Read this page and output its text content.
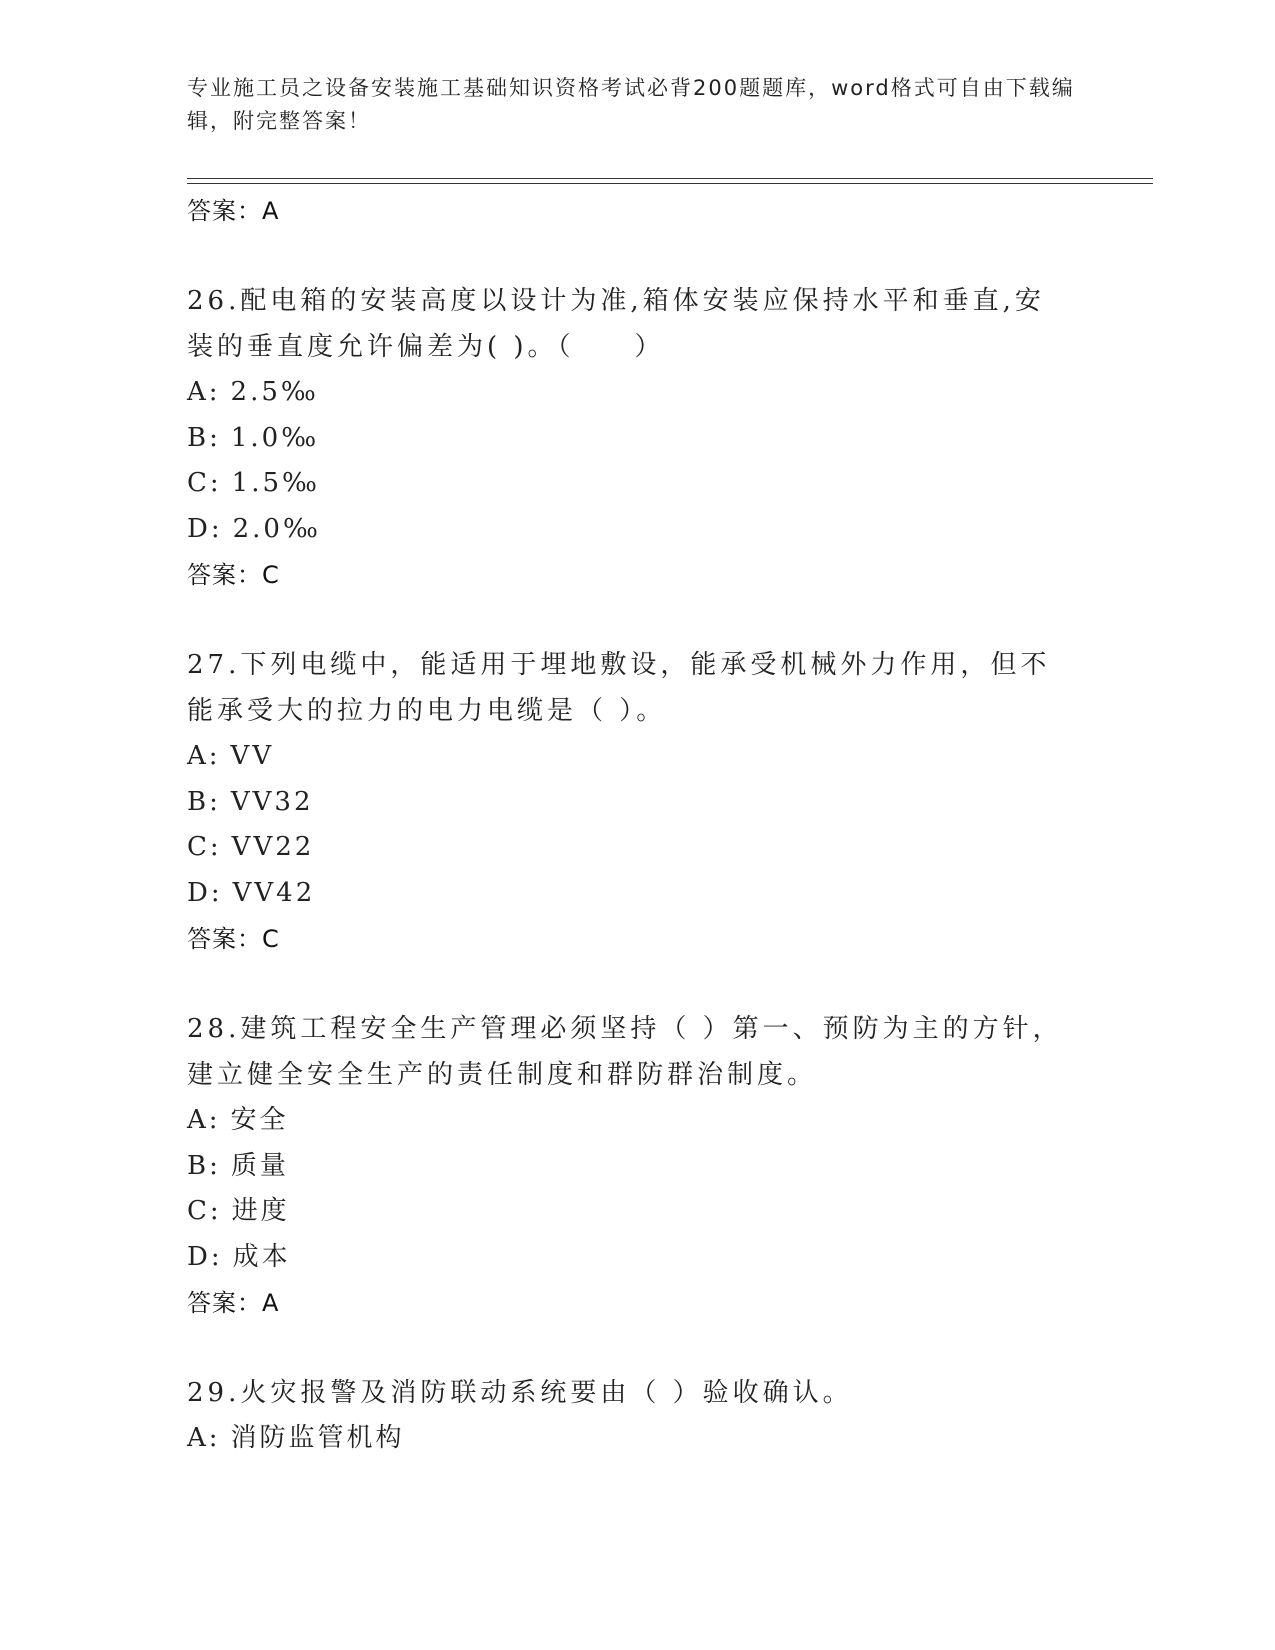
专业施工员之设备安装施工基础知识资格考试必背200题题库，word格式可自由下载编辑，附完整答案！
答案：A
26.配电箱的安装高度以设计为准,箱体安装应保持水平和垂直,安装的垂直度允许偏差为( )。（　　）
A: 2.5‰
B: 1.0‰
C: 1.5‰
D: 2.0‰
答案：C
27.下列电缆中，能适用于埋地敷设，能承受机械外力作用，但不能承受大的拉力的电力电缆是（ ）。
A: VV
B: VV32
C: VV22
D: VV42
答案：C
28.建筑工程安全生产管理必须坚持（ ）第一、预防为主的方针，建立健全安全生产的责任制度和群防群治制度。
A: 安全
B: 质量
C: 进度
D: 成本
答案：A
29.火灾报警及消防联动系统要由（ ）验收确认。
A: 消防监管机构
